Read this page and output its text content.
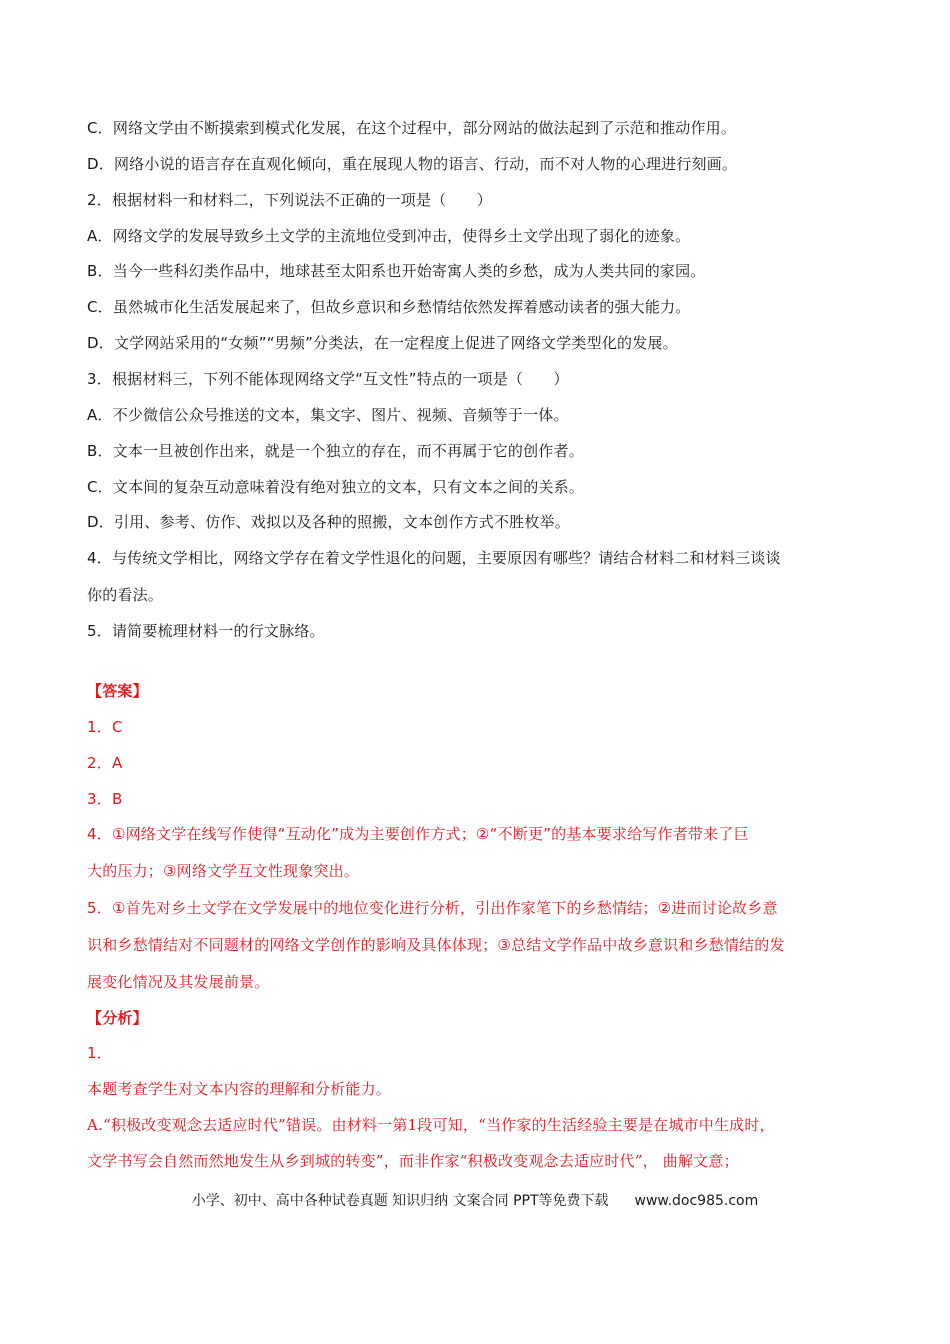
C．网络文学由不断摸索到模式化发展，在这个过程中，部分网站的做法起到了示范和推动作用。
D．网络小说的语言存在直观化倾向，重在展现人物的语言、行动，而不对人物的心理进行刻画。
2．根据材料一和材料二，下列说法不正确的一项是（　　）
A．网络文学的发展导致乡土文学的主流地位受到冲击，使得乡土文学出现了弱化的迹象。
B．当今一些科幻类作品中，地球甚至太阳系也开始寄寓人类的乡愁，成为人类共同的家园。
C．虽然城市化生活发展起来了，但故乡意识和乡愁情结依然发挥着感动读者的强大能力。
D．文学网站采用的“女频”“男频”分类法，在一定程度上促进了网络文学类型化的发展。
3．根据材料三，下列不能体现网络文学“互文性”特点的一项是（　　）
A．不少微信公众号推送的文本，集文字、图片、视频、音频等于一体。
B．文本一旦被创作出来，就是一个独立的存在，而不再属于它的创作者。
C．文本间的复杂互动意味着没有绝对独立的文本，只有文本之间的关系。
D．引用、参考、仿作、戏拟以及各种的照搬，文本创作方式不胜枚举。
4．与传统文学相比，网络文学存在着文学性退化的问题，主要原因有哪些？请结合材料二和材料三谈谈
你的看法。
5．请简要梳理材料一的行文脉络。
【答案】
1．C
2．A
3．B
4．①网络文学在线写作使得“互动化”成为主要创作方式；②“不断更”的基本要求给写作者带来了巨
大的压力；③网络文学互文性现象突出。
5．①首先对乡土文学在文学发展中的地位变化进行分析，引出作家笔下的乡愁情结；②进而讨论故乡意
识和乡愁情结对不同题材的网络文学创作的影响及具体体现；③总结文学作品中故乡意识和乡愁情结的发
展变化情况及其发展前景。
【分析】
1．
本题考查学生对文本内容的理解和分析能力。
A.“积极改变观念去适应时代”错误。由材料一第1段可知，“当作家的生活经验主要是在城市中生成时，
文学书写会自然而然地发生从乡到城的转变”，而非作家“积极改变观念去适应时代”， 曲解文意；
小学、初中、高中各种试卷真题 知识归纳 文案合同 PPT等免费下载 www.doc985.com
